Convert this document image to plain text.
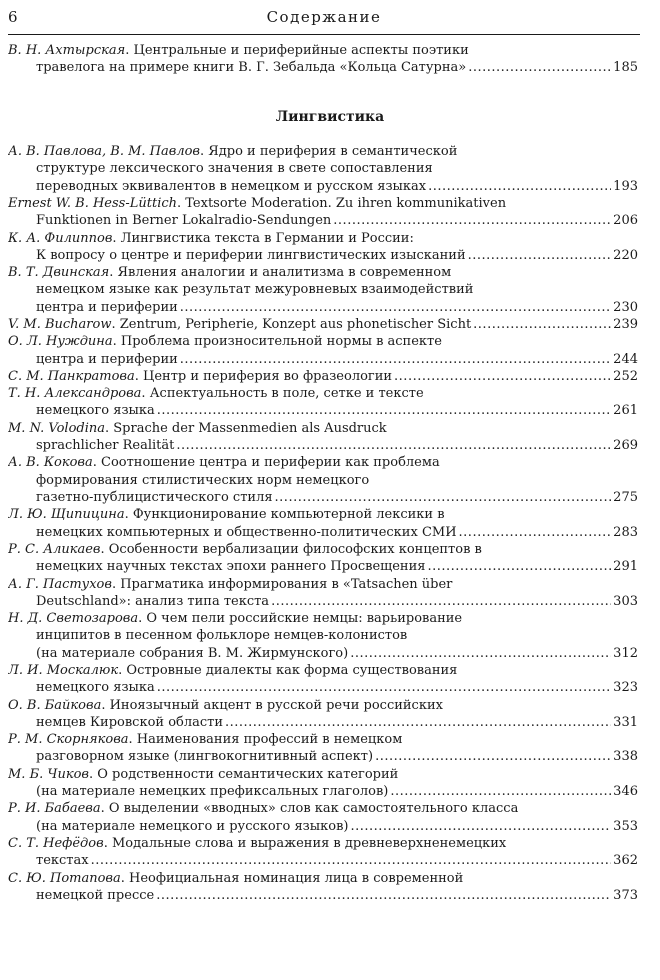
6	Содержание
В. Н. Ахтырская. Центральные и периферийные аспекты поэтики
травелога на примере книги В. Г. Зебальда «Кольца Сатурна» .....	185
Лингвистика
А. В. Павлова, В. М. Павлов. Ядро и периферия в семантической
структуре лексического значения в свете сопоставления
переводных эквивалентов в немецком и русском языках .....	193
Ernest W. B. Hess-Lüttich. Textsorte Moderation. Zu ihren kommunikativen
Funktionen in Berner Lokalradio-Sendungen .....	206
К. А. Филиппов. Лингвистика текста в Германии и России:
К вопросу о центре и периферии лингвистических изысканий .....	220
В. Т. Двинская. Явления аналогии и аналитизма в современном
немецком языке как результат межуровневых взаимодействий
центра и периферии .....	230
V. M. Bucharow. Zentrum, Peripherie, Konzept aus phonetischer Sicht .....	239
О. Л. Нуждина. Проблема произносительной нормы в аспекте
центра и периферии .....	244
С. М. Панкратова. Центр и периферия во фразеологии .....	252
Т. Н. Александрова. Аспектуальность в поле, сетке и тексте
немецкого языка .....	261
M. N. Volodina. Sprache der Massenmedien als Ausdruck
sprachlicher Realität .....	269
А. В. Кокова. Соотношение центра и периферии как проблема
формирования стилистических норм немецкого
газетно-публицистического стиля .....	275
Л. Ю. Щипицина. Функционирование компьютерной лексики в
немецких компьютерных и общественно-политических СМИ .....	283
Р. С. Аликаев. Особенности вербализации философских концептов в
немецких научных текстах эпохи раннего Просвещения .....	291
А. Г. Пастухов. Прагматика информирования в «Tatsachen über
Deutschland»: анализ типа текста .....	303
Н. Д. Светозарова. О чем пели российские немцы: варьирование
инципитов в песенном фольклоре немцев-колонистов
(на материале собрания В. М. Жирмунского) .....	312
Л. И. Москалюк. Островные диалекты как форма существования
немецкого языка .....	323
О. В. Байкова. Иноязычный акцент в русской речи российских
немцев Кировской области .....	331
Р. М. Скорнякова. Наименования профессий в немецком
разговорном языке (лингвокогнитивный аспект) .....	338
М. Б. Чиков. О родственности семантических категорий
(на материале немецких префиксальных глаголов) .....	346
Р. И. Бабаева. О выделении «вводных» слов как самостоятельного класса
(на материале немецкого и русского языков) .....	353
С. Т. Нефёдов. Модальные слова и выражения в древневерхненемецких
текстах .....	362
С. Ю. Потапова. Неофициальная номинация лица в современной
немецкой прессе .....	373
